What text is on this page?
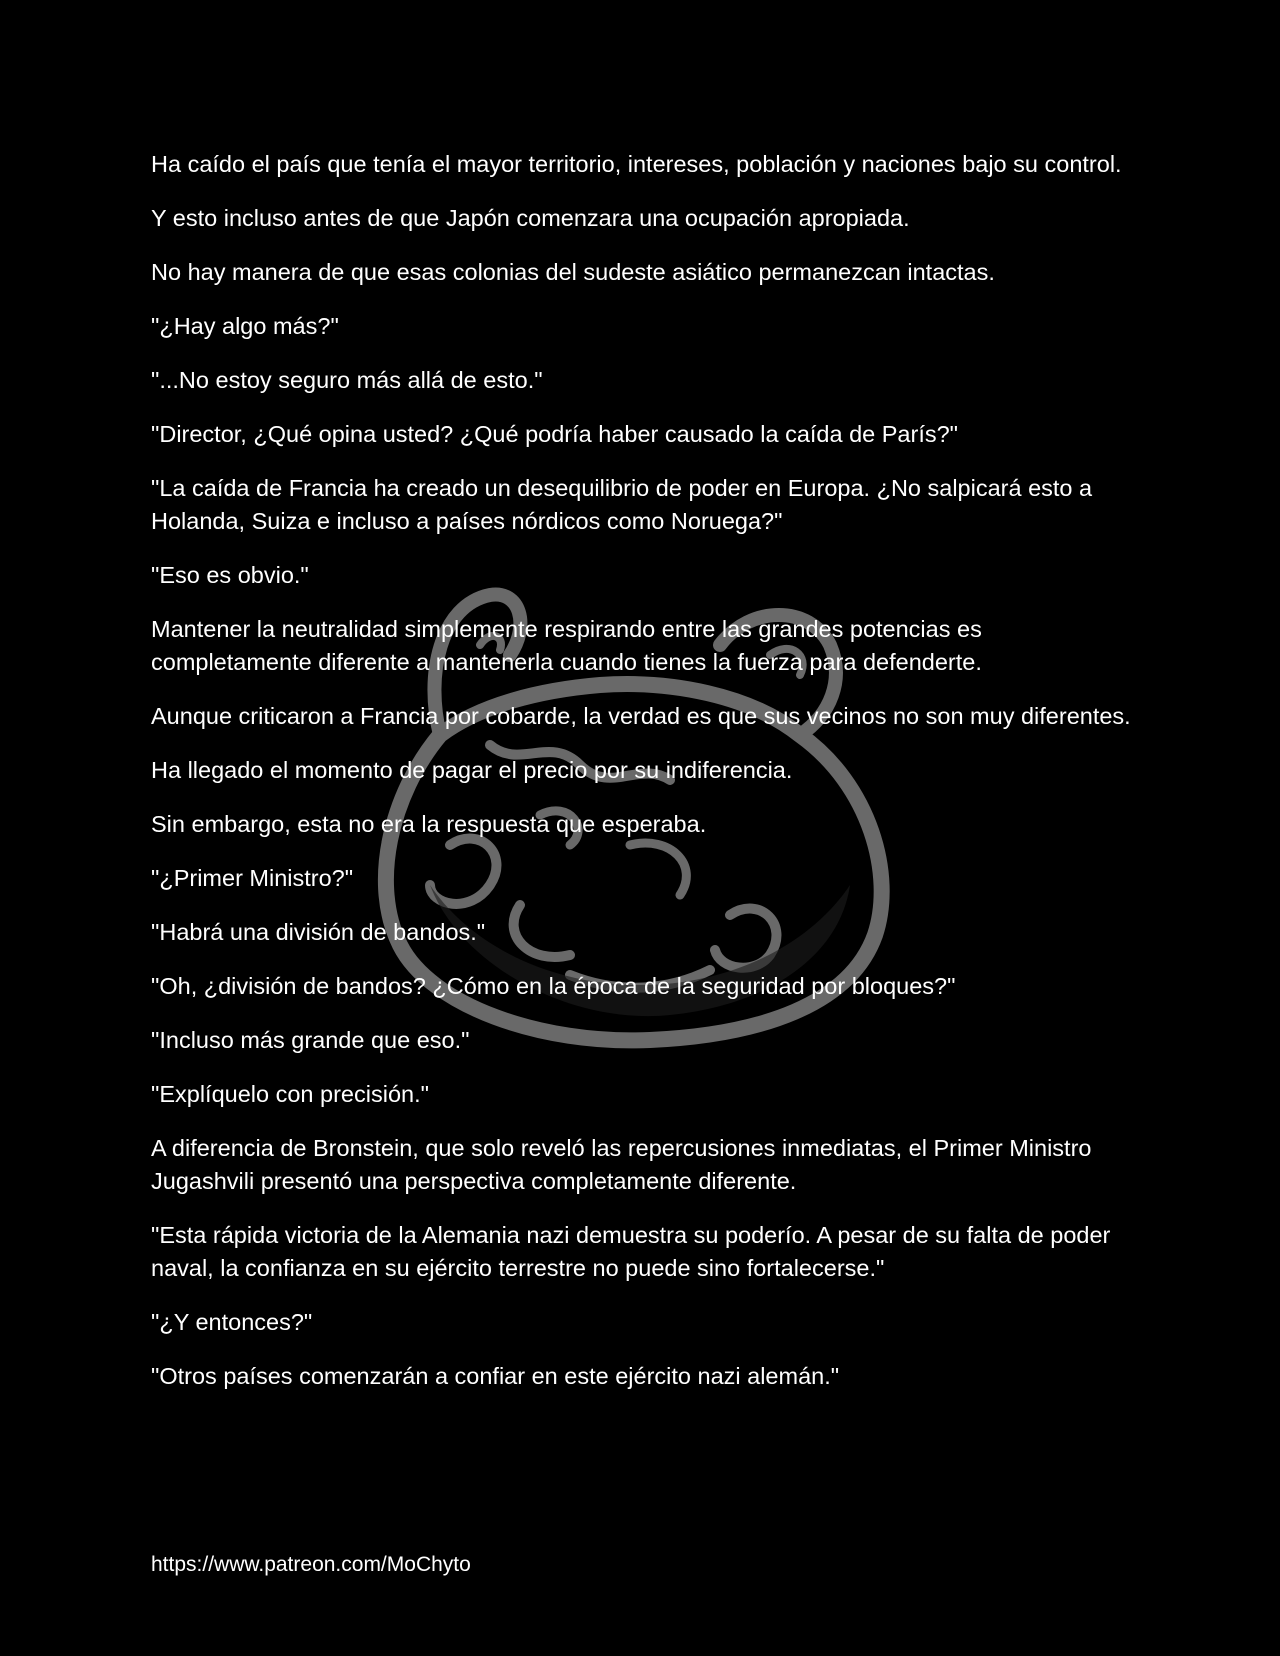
Ha caído el país que tenía el mayor territorio, intereses, población y naciones bajo su control.

Y esto incluso antes de que Japón comenzara una ocupación apropiada.

No hay manera de que esas colonias del sudeste asiático permanezcan intactas.

"¿Hay algo más?"

"...No estoy seguro más allá de esto."

"Director, ¿Qué opina usted? ¿Qué podría haber causado la caída de París?"

"La caída de Francia ha creado un desequilibrio de poder en Europa. ¿No salpicará esto a Holanda, Suiza e incluso a países nórdicos como Noruega?"

"Eso es obvio."

Mantener la neutralidad simplemente respirando entre las grandes potencias es completamente diferente a mantenerla cuando tienes la fuerza para defenderte.

Aunque criticaron a Francia por cobarde, la verdad es que sus vecinos no son muy diferentes.

Ha llegado el momento de pagar el precio por su indiferencia.

Sin embargo, esta no era la respuesta que esperaba.

"¿Primer Ministro?"

"Habrá una división de bandos."

"Oh, ¿división de bandos? ¿Cómo en la época de la seguridad por bloques?"

"Incluso más grande que eso."

"Explíquelo con precisión."

A diferencia de Bronstein, que solo reveló las repercusiones inmediatas, el Primer Ministro Jugashvili presentó una perspectiva completamente diferente.

"Esta rápida victoria de la Alemania nazi demuestra su poderío. A pesar de su falta de poder naval, la confianza en su ejército terrestre no puede sino fortalecerse."

"¿Y entonces?"

"Otros países comenzarán a confiar en este ejército nazi alemán."

https://www.patreon.com/MoChyto
